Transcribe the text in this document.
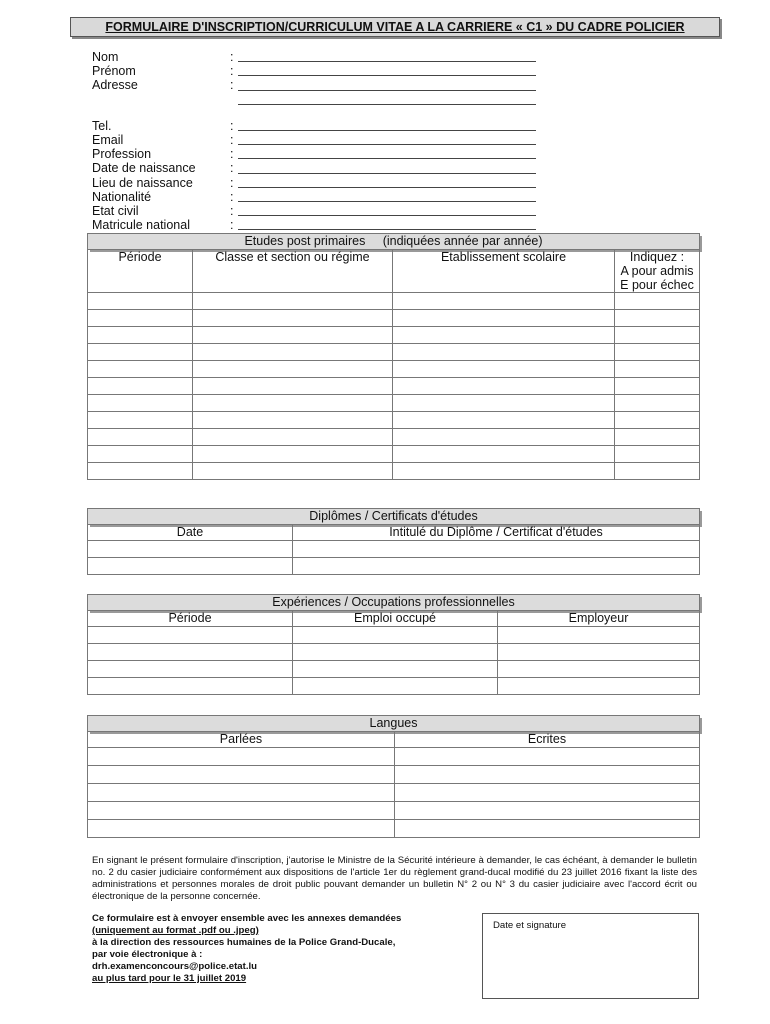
FORMULAIRE D'INSCRIPTION/CURRICULUM VITAE A LA CARRIERE « C1 » DU CADRE POLICIER
Nom	:
Prénom	:
Adresse	:
Tel.	:
Email	:
Profession	:
Date de naissance	:
Lieu de naissance	:
Nationalité	:
Etat civil	:
Matricule national	:
Etudes post primaires     (indiquées année par année)			
Période	Classe et section ou régime	Etablissement scolaire	Indiquez :
A pour admis
E pour échec

Diplômes / Certificats d'études	
Date	Intitulé du Diplôme / Certificat d'études

Expériences / Occupations professionnelles		
Période	Emploi occupé	Employeur

Langues	
Parlées	Ecrites

En signant le présent formulaire d'inscription, j'autorise le Ministre de la Sécurité intérieure à demander, le cas échéant, à demander le bulletin no. 2 du casier judiciaire conformément aux dispositions de l'article 1er du règlement grand-ducal modifié du 23 juillet 2016 fixant la liste des administrations et personnes morales de droit public pouvant demander un bulletin N° 2 ou N° 3 du casier judiciaire avec l'accord écrit ou électronique de la personne concernée.
Ce formulaire est à envoyer ensemble avec les annexes demandées
(uniquement au format .pdf ou .jpeg)
à la direction des ressources humaines de la Police Grand-Ducale,
par voie électronique à :
drh.examenconcours@police.etat.lu
au plus tard pour le 31 juillet 2019
Date et signature
